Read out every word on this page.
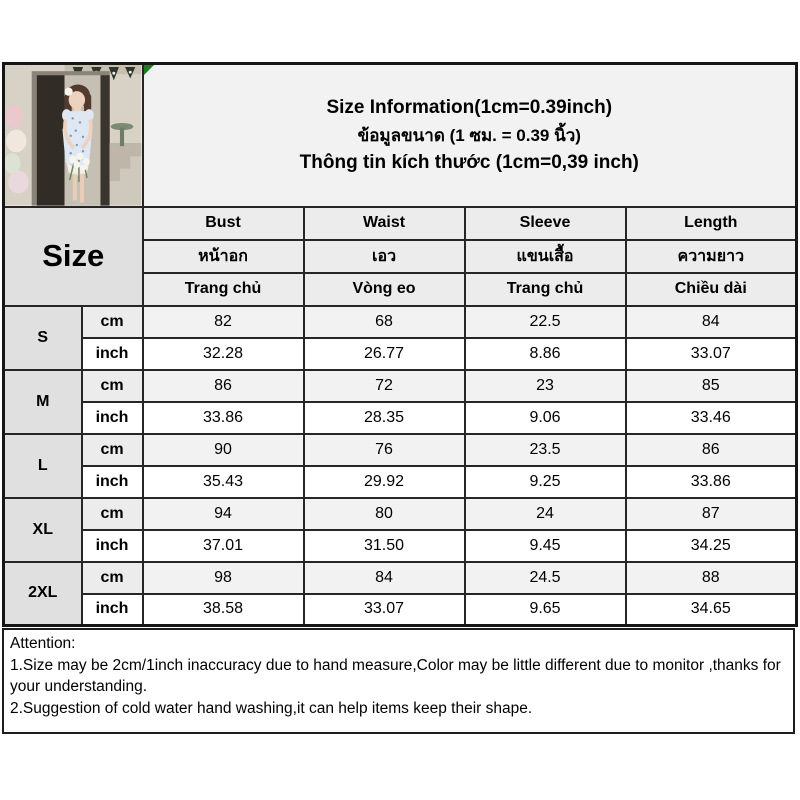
Size Information(1cm=0.39inch)
ข้อมูลขนาด (1 ซม. = 0.39 นิ้ว)
Thông tin kích thước (1cm=0,39 inch)			

Size		Bust	Waist	Sleeve	Length
		หน้าอก	เอว	แขนเสื้อ	ความยาว
		Trang chủ	Vòng eo	Trang chủ	Chiều dài
S	cm	82	68	22.5	84
	inch	32.28	26.77	8.86	33.07
M	cm	86	72	23	85
	inch	33.86	28.35	9.06	33.46
L	cm	90	76	23.5	86
	inch	35.43	29.92	9.25	33.86
XL	cm	94	80	24	87
	inch	37.01	31.50	9.45	34.25
2XL	cm	98	84	24.5	88
	inch	38.58	33.07	9.65	34.65
Attention:
1.Size may be 2cm/1inch inaccuracy due to hand measure,Color may be little different due to monitor ,thanks for your understanding.
2.Suggestion of cold water hand washing,it can help items keep their shape.
